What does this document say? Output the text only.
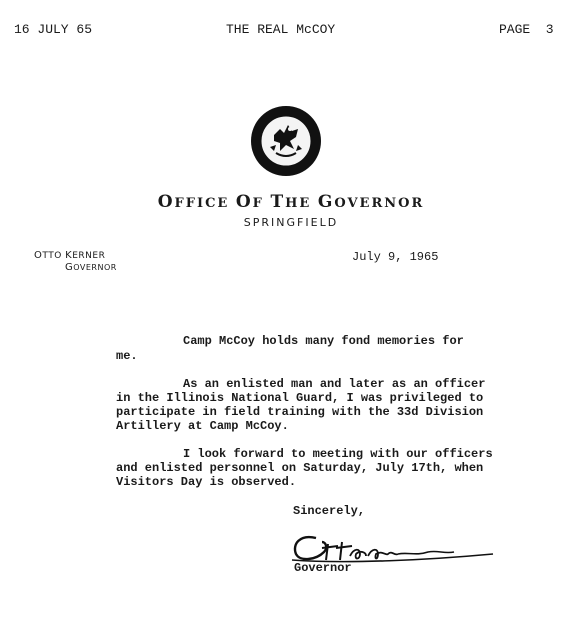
16 JULY 65	THE REAL McCOY	PAGE  3
OFFICE OF THE GOVERNOR
SPRINGFIELD
OTTO KERNER
GOVERNOR
July 9, 1965
Camp McCoy holds many fond memories for
me.
As an enlisted man and later as an officer
in the Illinois National Guard, I was privileged to
participate in field training with the 33d Division
Artillery at Camp McCoy.
I look forward to meeting with our officers
and enlisted personnel on Saturday, July 17th, when
Visitors Day is observed.
Sincerely,
Governor
